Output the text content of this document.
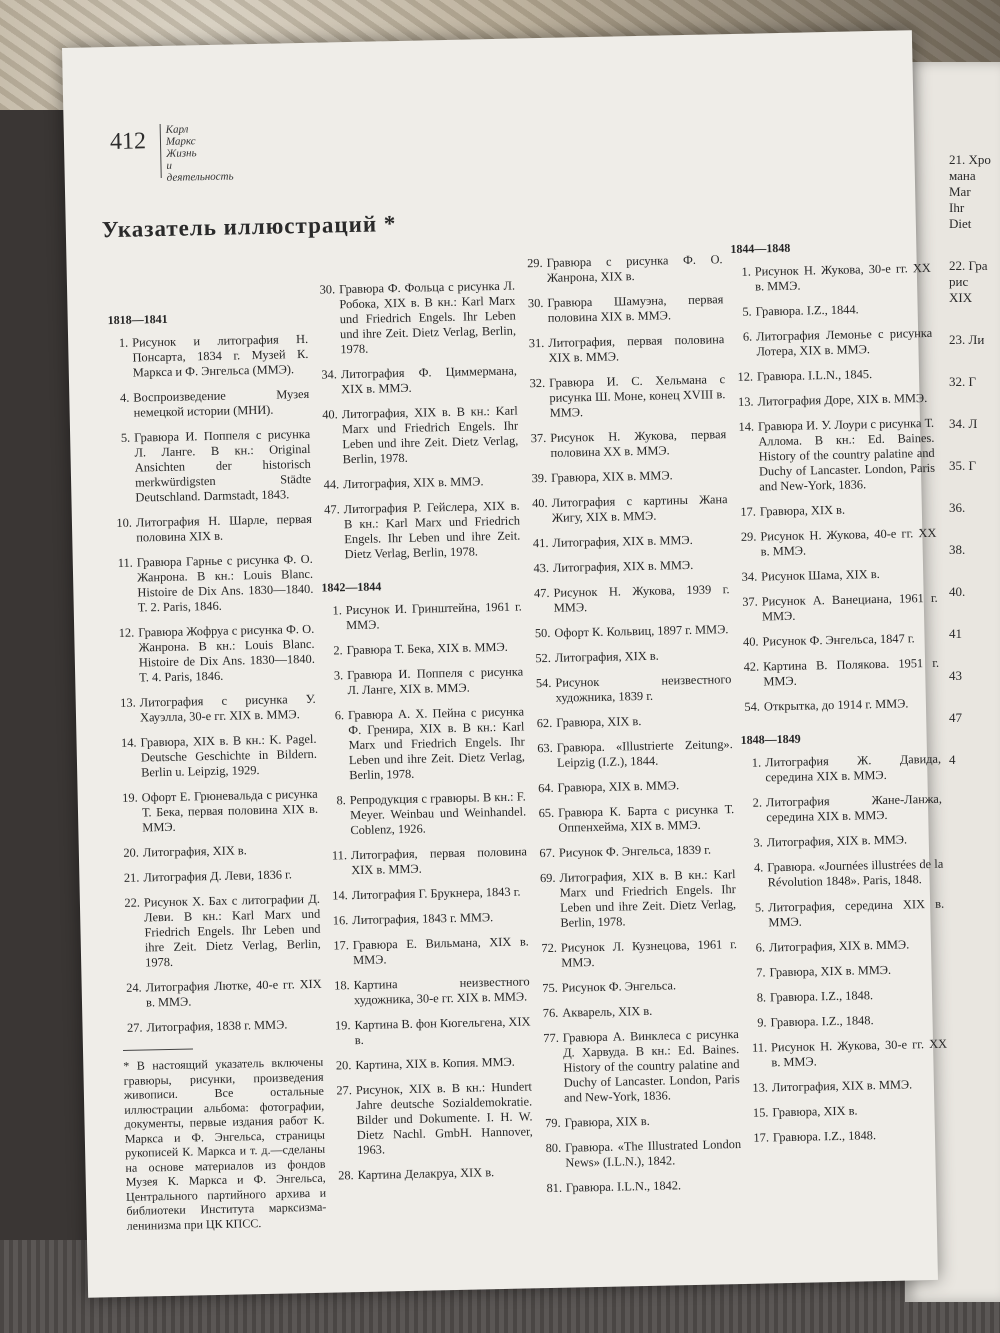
21. Хро
мана
Mar
Ihr
Diet
22. Гра
рис
XIX
23. Ли
32. Г
34. Л
35. Г
36.
38.
40.
41
43
47
4
412 Карл
Маркс
Жизнь
и
деятельность
Указатель иллюстраций *
1818—1841
1. Рисунок и литография Н. Понсарта, 1834 г. Музей К. Маркса и Ф. Энгельса (ММЭ).
4. Воспроизведение Музея немецкой истории (МНИ).
5. Гравюра И. Поппеля с рисунка Л. Ланге. В кн.: Original Ansichten der historisch merkwürdigsten Städte Deutschland. Darmstadt, 1843.
10. Литография Н. Шарле, первая половина XIX в.
11. Гравюра Гарнье с рисунка Ф. О. Жанрона. В кн.: Louis Blanc. Histoire de Dix Ans. 1830—1840. T. 2. Paris, 1846.
12. Гравюра Жофруа с рисунка Ф. О. Жанрона. В кн.: Louis Blanc. Histoire de Dix Ans. 1830—1840. T. 4. Paris, 1846.
13. Литография с рисунка У. Хауэлла, 30-е гг. XIX в. ММЭ.
14. Гравюра, XIX в. В кн.: K. Pagel. Deutsche Geschichte in Bildern. Berlin u. Leipzig, 1929.
19. Офорт Е. Грюневальдa с рисунка Т. Бека, первая половина XIX в. ММЭ.
20. Литография, XIX в.
21. Литография Д. Леви, 1836 г.
22. Рисунок Х. Бах с литографии Д. Леви. В кн.: Karl Marx und Friedrich Engels. Ihr Leben und ihre Zeit. Dietz Verlag, Berlin, 1978.
24. Литография Лютке, 40-е гг. XIX в. ММЭ.
27. Литография, 1838 г. ММЭ.
* В настоящий указатель включены гравюры, рисунки, произведения живописи. Все остальные иллюстрации альбома: фотографии, документы, первые издания работ К. Маркса и Ф. Энгельса, страницы рукописей К. Маркса и т. д.—сделаны на основе материалов из фондов Музея К. Маркса и Ф. Энгельса, Центрального партийного архива и библиотеки Института марксизма-ленинизма при ЦК КПСС.
30. Гравюра Ф. Фольца с рисунка Л. Робока, XIX в. В кн.: Karl Marx und Friedrich Engels. Ihr Leben und ihre Zeit. Dietz Verlag, Berlin, 1978.
34. Литография Ф. Циммермана, XIX в. ММЭ.
40. Литография, XIX в. В кн.: Karl Marx und Friedrich Engels. Ihr Leben und ihre Zeit. Dietz Verlag, Berlin, 1978.
44. Литография, XIX в. ММЭ.
47. Литография Р. Гейслера, XIX в. В кн.: Karl Marx und Friedrich Engels. Ihr Leben und ihre Zeit. Dietz Verlag, Berlin, 1978.
1842—1844
1. Рисунок И. Гринштейна, 1961 г. ММЭ.
2. Гравюра Т. Бека, XIX в. ММЭ.
3. Гравюра И. Поппеля с рисунка Л. Ланге, XIX в. ММЭ.
6. Гравюра А. Х. Пейна с рисунка Ф. Гренира, XIX в. В кн.: Karl Marx und Friedrich Engels. Ihr Leben und ihre Zeit. Dietz Verlag, Berlin, 1978.
8. Репродукция с гравюры. В кн.: F. Meyer. Weinbau und Weinhandel. Coblenz, 1926.
11. Литография, первая половина XIX в. ММЭ.
14. Литография Г. Брукнера, 1843 г.
16. Литография, 1843 г. ММЭ.
17. Гравюра Е. Вильмана, XIX в. ММЭ.
18. Картина неизвестного художника, 30-е гг. XIX в. ММЭ.
19. Картина В. фон Кюгельгена, XIX в.
20. Картина, XIX в. Копия. ММЭ.
27. Рисунок, XIX в. В кн.: Hundert Jahre deutsche Sozialdemokratie. Bilder und Dokumente. I. H. W. Dietz Nachl. GmbH. Hannover, 1963.
28. Картина Делакруа, XIX в.
29. Гравюра с рисунка Ф. О. Жанрона, XIX в.
30. Гравюра Шамуэна, первая половина XIX в. ММЭ.
31. Литография, первая половина XIX в. ММЭ.
32. Гравюра И. С. Хельмана с рисунка Ш. Моне, конец XVIII в. ММЭ.
37. Рисунок Н. Жукова, первая половина XX в. ММЭ.
39. Гравюра, XIX в. ММЭ.
40. Литография с картины Жана Жигу, XIX в. ММЭ.
41. Литография, XIX в. ММЭ.
43. Литография, XIX в. ММЭ.
47. Рисунок Н. Жукова, 1939 г. ММЭ.
50. Офорт К. Кольвиц, 1897 г. ММЭ.
52. Литография, XIX в.
54. Рисунок неизвестного художника, 1839 г.
62. Гравюра, XIX в.
63. Гравюра. «Illustrierte Zeitung». Leipzig (I.Z.), 1844.
64. Гравюра, XIX в. ММЭ.
65. Гравюра К. Барта с рисунка Т. Оппенхейма, XIX в. ММЭ.
67. Рисунок Ф. Энгельса, 1839 г.
69. Литография, XIX в. В кн.: Karl Marx und Friedrich Engels. Ihr Leben und ihre Zeit. Dietz Verlag, Berlin, 1978.
72. Рисунок Л. Кузнецова, 1961 г. ММЭ.
75. Рисунок Ф. Энгельса.
76. Акварель, XIX в.
77. Гравюра А. Винклеса с рисунка Д. Харвуда. В кн.: Ed. Baines. History of the country palatine and Duchy of Lancaster. London, Paris and New-York, 1836.
79. Гравюра, XIX в.
80. Гравюра. «The Illustrated London News» (I.L.N.), 1842.
81. Гравюра. I.L.N., 1842.
1844—1848
1. Рисунок Н. Жукова, 30-е гг. XX в. ММЭ.
5. Гравюра. I.Z., 1844.
6. Литография Лемонье с рисунка Лотера, XIX в. ММЭ.
12. Гравюра. I.L.N., 1845.
13. Литография Доре, XIX в. ММЭ.
14. Гравюра И. У. Лоури с рисунка Т. Аллома. В кн.: Ed. Baines. History of the country palatine and Duchy of Lancaster. London, Paris and New-York, 1836.
17. Гравюра, XIX в.
29. Рисунок Н. Жукова, 40-е гг. XX в. ММЭ.
34. Рисунок Шама, XIX в.
37. Рисунок А. Ванециана, 1961 г. ММЭ.
40. Рисунок Ф. Энгельса, 1847 г.
42. Картина В. Полякова. 1951 г. ММЭ.
54. Открытка, до 1914 г. ММЭ.
1848—1849
1. Литография Ж. Давида, середина XIX в. ММЭ.
2. Литография Жане-Ланжа, середина XIX в. ММЭ.
3. Литография, XIX в. ММЭ.
4. Гравюра. «Journées illustrées de la Révolution 1848». Paris, 1848.
5. Литография, середина XIX в. ММЭ.
6. Литография, XIX в. ММЭ.
7. Гравюра, XIX в. ММЭ.
8. Гравюра. I.Z., 1848.
9. Гравюра. I.Z., 1848.
11. Рисунок Н. Жукова, 30-е гг. XX в. ММЭ.
13. Литография, XIX в. ММЭ.
15. Гравюра, XIX в.
17. Гравюра. I.Z., 1848.
